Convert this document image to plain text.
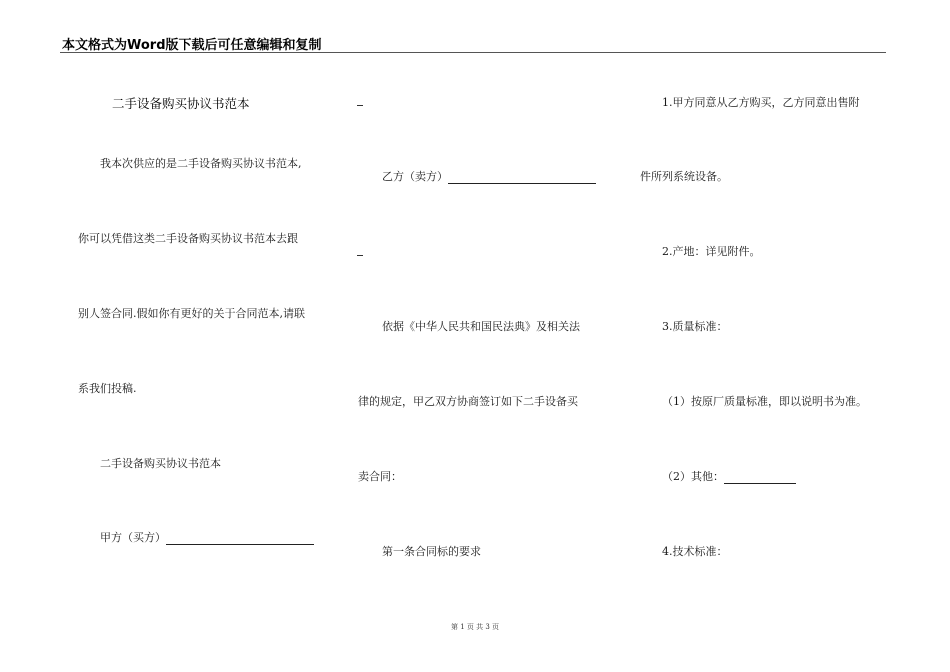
本文格式为Word版下载后可任意编辑和复制
二手设备购买协议书范本
我本次供应的是二手设备购买协议书范本,
你可以凭借这类二手设备购买协议书范本去跟
别人签合同.假如你有更好的关于合同范本,请联
系我们投稿.
二手设备购买协议书范本
甲方（买方）
乙方（卖方）
依据《中华人民共和国民法典》及相关法
律的规定，甲乙双方协商签订如下二手设备买
卖合同：
第一条合同标的要求
1.甲方同意从乙方购买，乙方同意出售附
件所列系统设备。
2.产地：详见附件。
3.质量标准：
（1）按原厂质量标准，即以说明书为准。
（2）其他：
4.技术标准：
第 1 页 共 3 页
